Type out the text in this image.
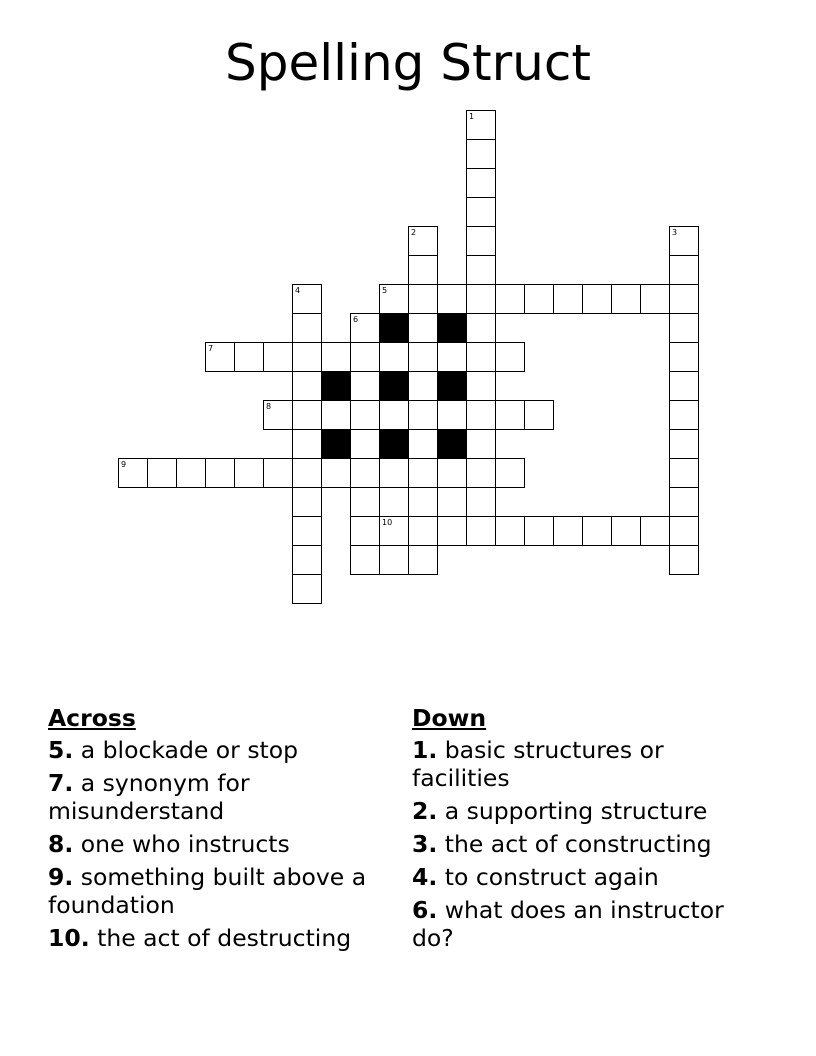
Spelling Struct
1
2	3
4	5
6
7
8
9
10
Across
5. a blockade or stop
7. a synonym for misunderstand
8. one who instructs
9. something built above a foundation
10. the act of destructing
Down
1. basic structures or facilities
2. a supporting structure
3. the act of constructing
4. to construct again
6. what does an instructor do?
